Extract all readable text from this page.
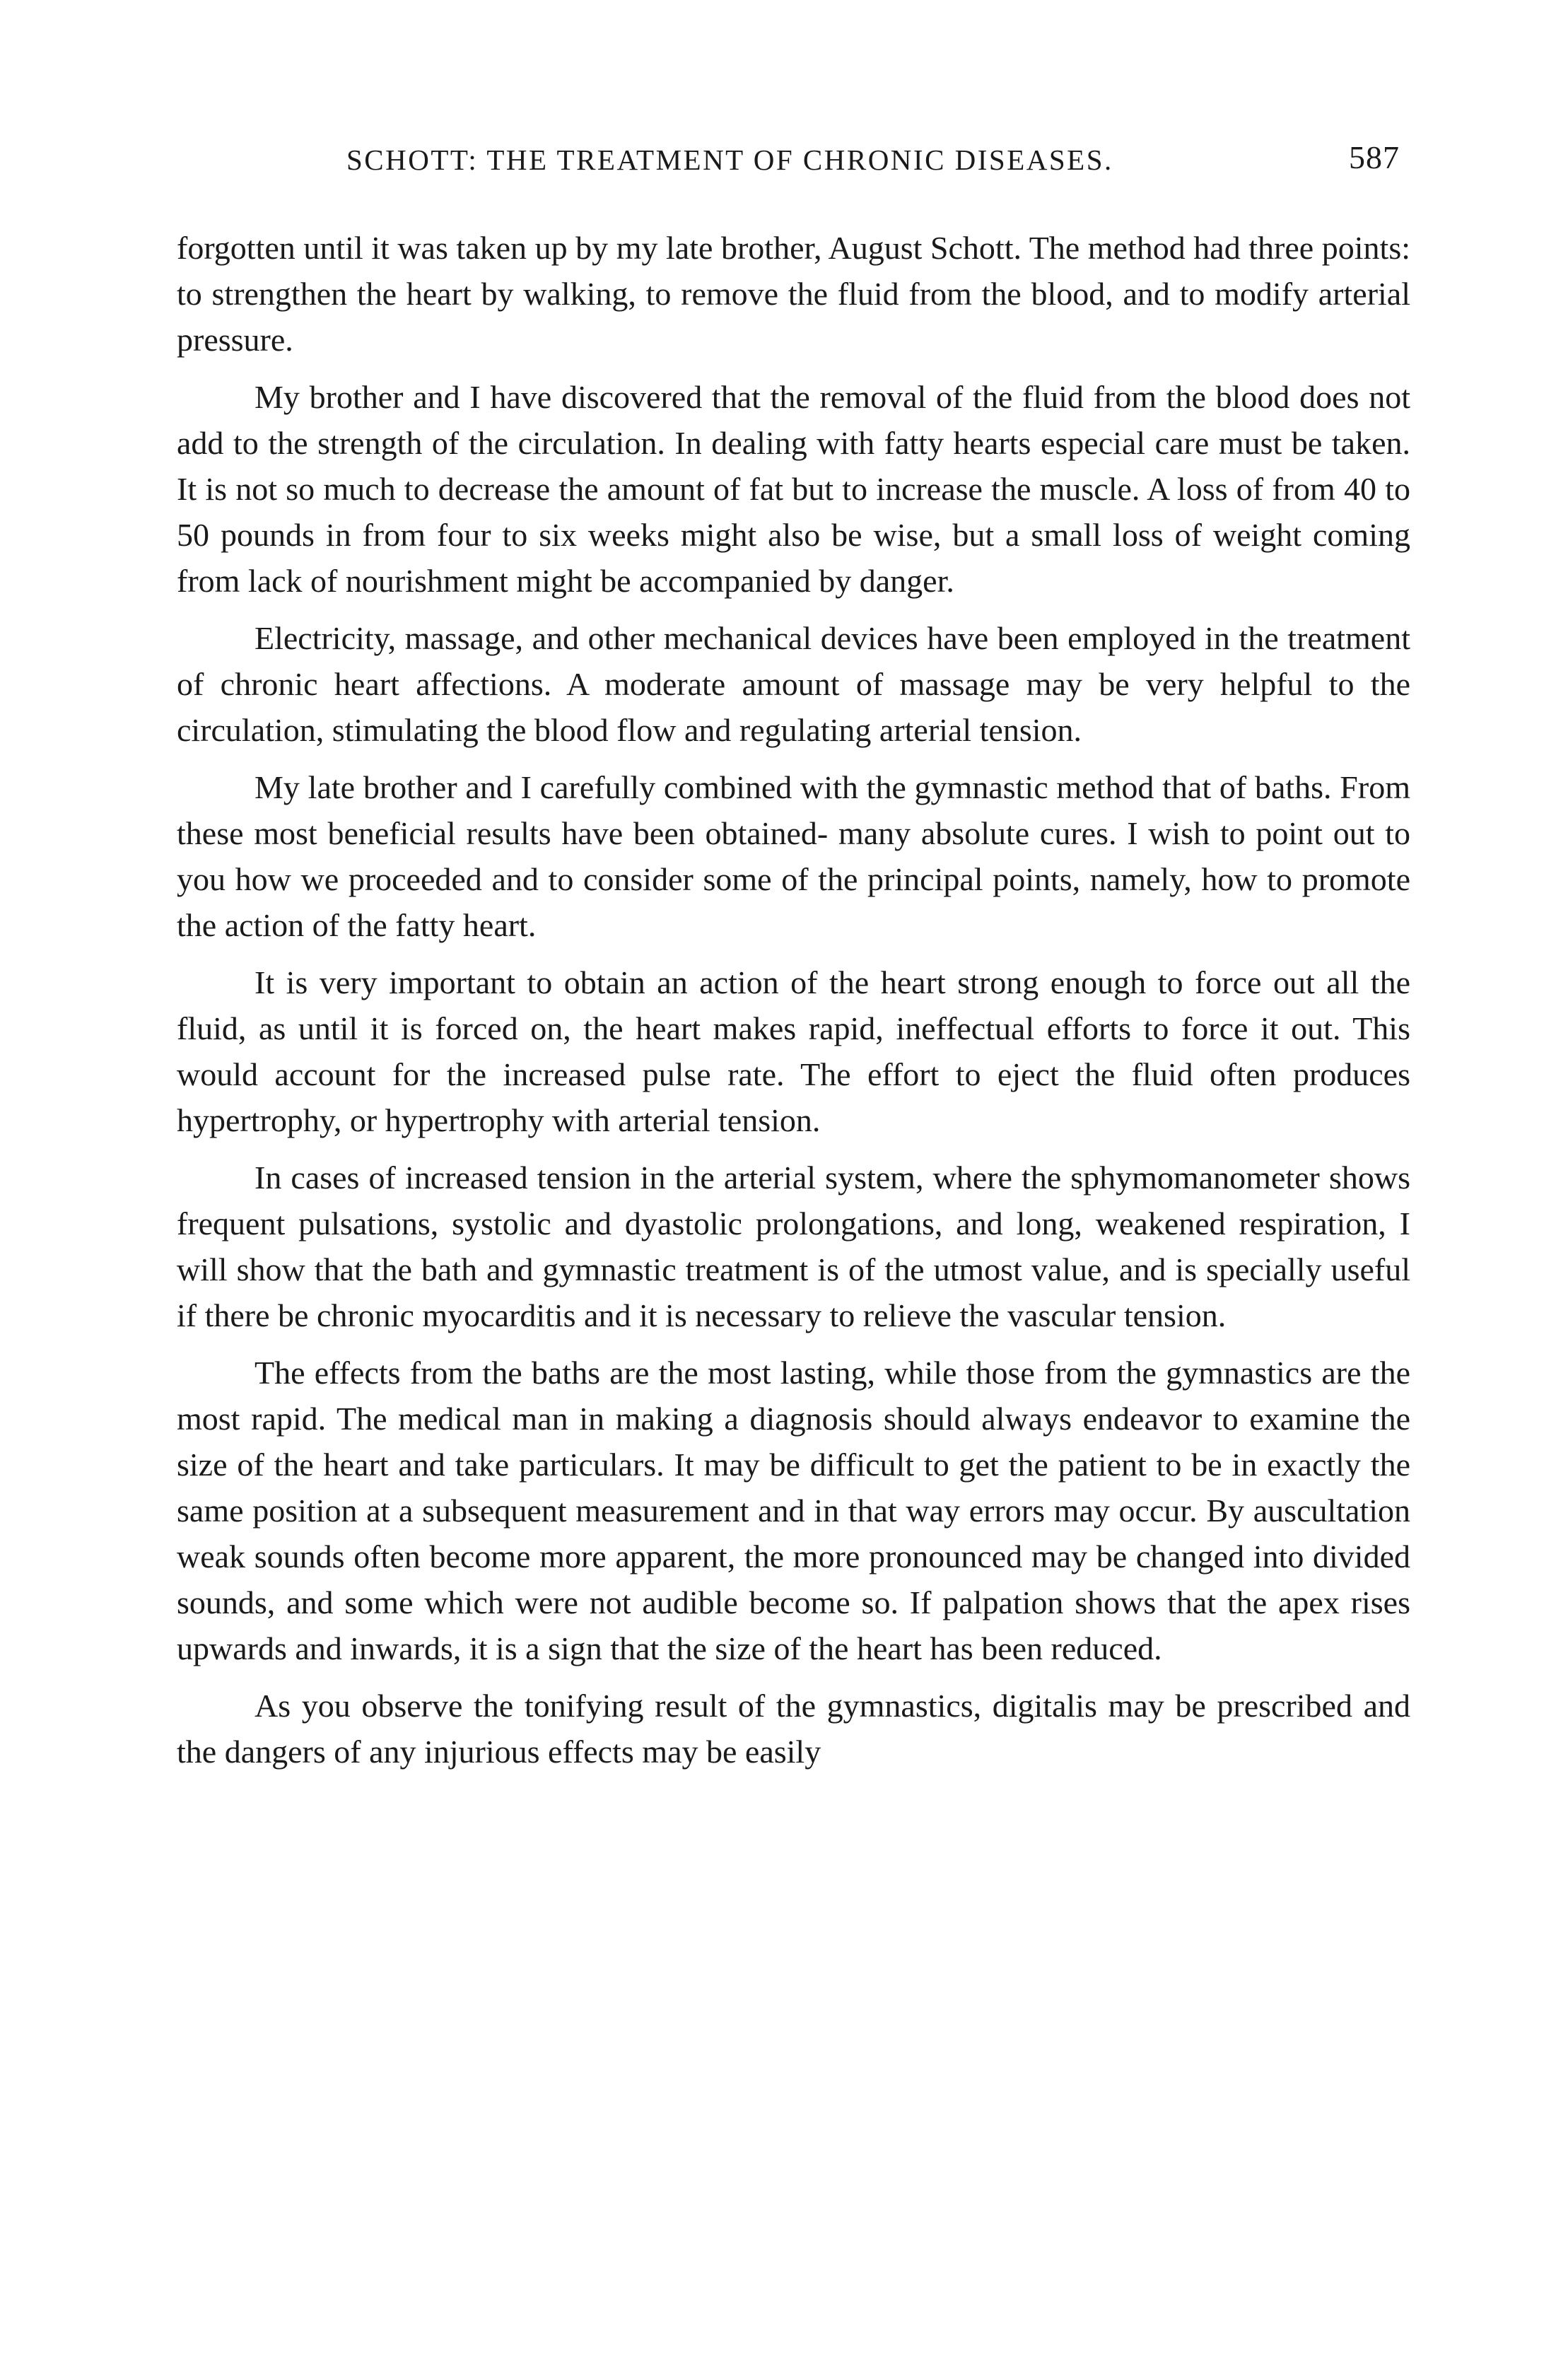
SCHOTT: THE TREATMENT OF CHRONIC DISEASES.	587

forgotten until it was taken up by my late brother, August Schott. The method had three points: to strengthen the heart by walking, to remove the fluid from the blood, and to modify arterial pressure.

My brother and I have discovered that the removal of the fluid from the blood does not add to the strength of the circulation. In dealing with fatty hearts especial care must be taken. It is not so much to decrease the amount of fat but to increase the muscle. A loss of from 40 to 50 pounds in from four to six weeks might also be wise, but a small loss of weight coming from lack of nourishment might be accompanied by danger.

Electricity, massage, and other mechanical devices have been employed in the treatment of chronic heart affections. A moderate amount of massage may be very helpful to the circulation, stimulating the blood flow and regulating arterial tension.

My late brother and I carefully combined with the gymnastic method that of baths. From these most beneficial results have been obtained- many absolute cures. I wish to point out to you how we proceeded and to consider some of the principal points, namely, how to promote the action of the fatty heart.

It is very important to obtain an action of the heart strong enough to force out all the fluid, as until it is forced on, the heart makes rapid, ineffectual efforts to force it out. This would account for the increased pulse rate. The effort to eject the fluid often produces hypertrophy, or hypertrophy with arterial tension.

In cases of increased tension in the arterial system, where the sphymomanometer shows frequent pulsations, systolic and dyastolic prolongations, and long, weakened respiration, I will show that the bath and gymnastic treatment is of the utmost value, and is specially useful if there be chronic myocarditis and it is necessary to relieve the vascular tension.

The effects from the baths are the most lasting, while those from the gymnastics are the most rapid. The medical man in making a diagnosis should always endeavor to examine the size of the heart and take particulars. It may be difficult to get the patient to be in exactly the same position at a subsequent measurement and in that way errors may occur. By auscultation weak sounds often become more apparent, the more pronounced may be changed into divided sounds, and some which were not audible become so. If palpation shows that the apex rises upwards and inwards, it is a sign that the size of the heart has been reduced.

As you observe the tonifying result of the gymnastics, digitalis may be prescribed and the dangers of any injurious effects may be easily
